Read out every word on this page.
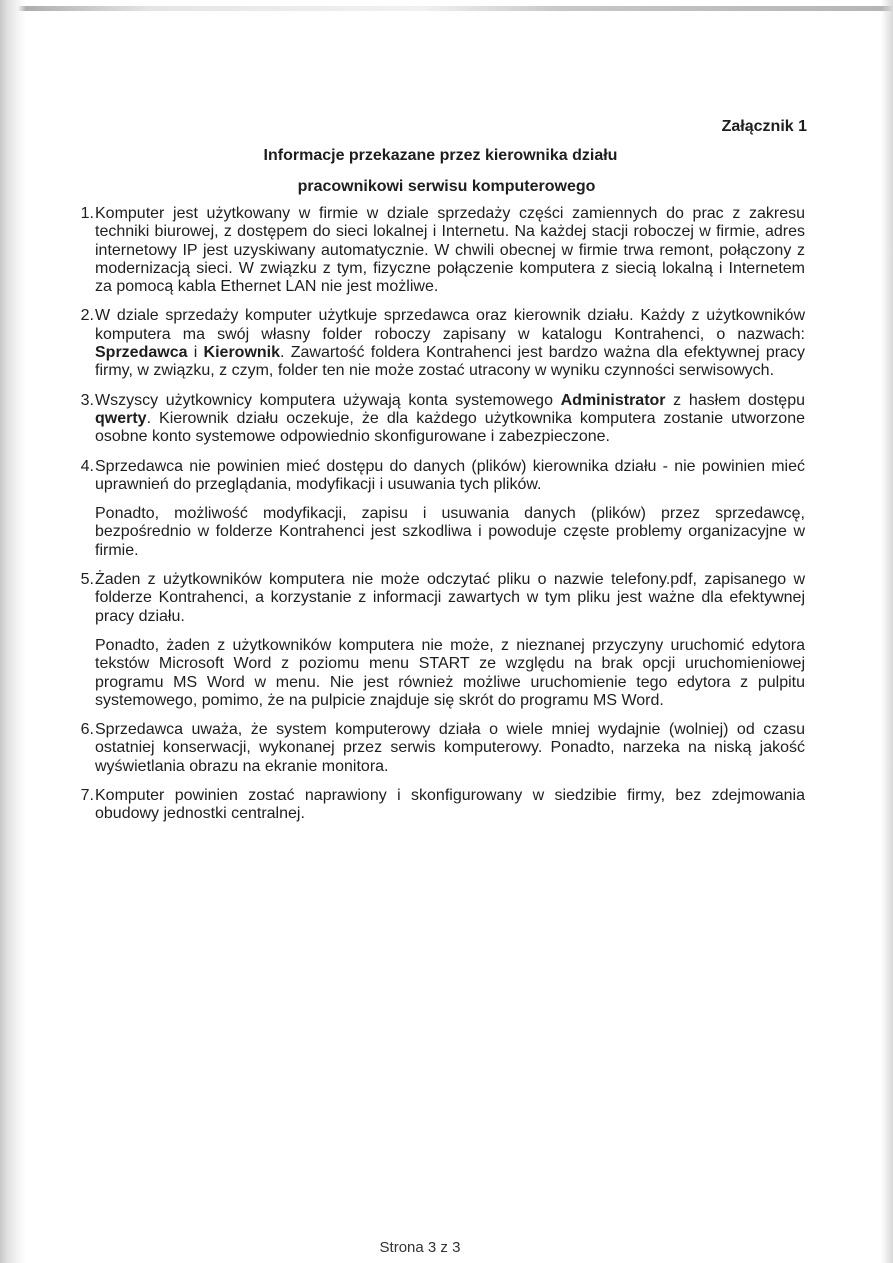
Załącznik 1

Informacje przekazane przez kierownika działu

pracownikowi serwisu komputerowego

1. Komputer jest użytkowany w firmie w dziale sprzedaży części zamiennych do prac z zakresu techniki biurowej, z dostępem do sieci lokalnej i Internetu. Na każdej stacji roboczej w firmie, adres internetowy IP jest uzyskiwany automatycznie. W chwili obecnej w firmie trwa remont, połączony z modernizacją sieci. W związku z tym, fizyczne połączenie komputera z siecią lokalną i Internetem za pomocą kabla Ethernet LAN nie jest możliwe.

2. W dziale sprzedaży komputer użytkuje sprzedawca oraz kierownik działu. Każdy z użytkowników komputera ma swój własny folder roboczy zapisany w katalogu Kontrahenci, o nazwach: Sprzedawca i Kierownik. Zawartość foldera Kontrahenci jest bardzo ważna dla efektywnej pracy firmy, w związku, z czym, folder ten nie może zostać utracony w wyniku czynności serwisowych.

3. Wszyscy użytkownicy komputera używają konta systemowego Administrator z hasłem dostępu qwerty. Kierownik działu oczekuje, że dla każdego użytkownika komputera zostanie utworzone osobne konto systemowe odpowiednio skonfigurowane i zabezpieczone.

4. Sprzedawca nie powinien mieć dostępu do danych (plików) kierownika działu - nie powinien mieć uprawnień do przeglądania, modyfikacji i usuwania tych plików.

Ponadto, możliwość modyfikacji, zapisu i usuwania danych (plików) przez sprzedawcę, bezpośrednio w folderze Kontrahenci jest szkodliwa i powoduje częste problemy organizacyjne w firmie.

5. Żaden z użytkowników komputera nie może odczytać pliku o nazwie telefony.pdf, zapisanego w folderze Kontrahenci, a korzystanie z informacji zawartych w tym pliku jest ważne dla efektywnej pracy działu.

Ponadto, żaden z użytkowników komputera nie może, z nieznanej przyczyny uruchomić edytora tekstów Microsoft Word z poziomu menu START ze względu na brak opcji uruchomieniowej programu MS Word w menu. Nie jest również możliwe uruchomienie tego edytora z pulpitu systemowego, pomimo, że na pulpicie znajduje się skrót do programu MS Word.

6. Sprzedawca uważa, że system komputerowy działa o wiele mniej wydajnie (wolniej) od czasu ostatniej konserwacji, wykonanej przez serwis komputerowy. Ponadto, narzeka na niską jakość wyświetlania obrazu na ekranie monitora.

7. Komputer powinien zostać naprawiony i skonfigurowany w siedzibie firmy, bez zdejmowania obudowy jednostki centralnej.

Strona 3 z 3
